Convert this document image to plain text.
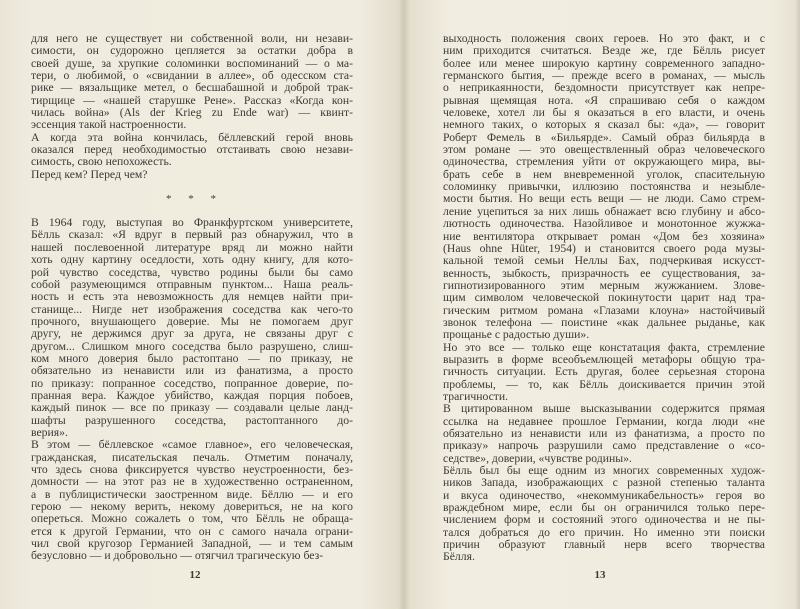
для него не существует ни собственной воли, ни незави-
симости, он судорожно цепляется за остатки добра в
своей душе, за хрупкие соломинки воспоминаний — о ма-
тери, о любимой, о «свидании в аллее», об одесском ста-
рике — вязальщике метел, о бесшабашной и доброй трак-
тирщице — «нашей старушке Рене». Рассказ «Когда кон-
чилась война» (Als der Krieg zu Ende war) — квинт-
эссенция такой настроенности.
А когда эта война кончилась, бёллевский герой вновь
оказался перед необходимостью отстаивать свою незави-
симость, свою непохожесть.
Перед кем? Перед чем?
* * *
В 1964 году, выступая во Франкфуртском университете,
Бёлль сказал: «Я вдруг в первый раз обнаружил, что в
нашей послевоенной литературе вряд ли можно найти
хоть одну картину оседлости, хоть одну книгу, для кото-
рой чувство соседства, чувство родины были бы само
собой разумеющимся отправным пунктом... Наша реаль-
ность и есть эта невозможность для немцев найти при-
станище... Нигде нет изображения соседства как чего-то
прочного, внушающего доверие. Мы не помогаем друг
другу, не держимся друг за друга, не связаны друг с
другом... Слишком много соседства было разрушено, слиш-
ком много доверия было растоптано — по приказу, не
обязательно из ненависти или из фанатизма, а просто
по приказу: попранное соседство, попранное доверие, по-
пранная вера. Каждое убийство, каждая порция побоев,
каждый пинок — все по приказу — создавали целые ланд-
шафты разрушенного соседства, растоптанного до-
верия».
В этом — бёллевское «самое главное», его человеческая,
гражданская, писательская печаль. Отметим поначалу,
что здесь снова фиксируется чувство неустроенности, без-
домности — на этот раз не в художественно остраненном,
а в публицистически заостренном виде. Бёллю — и его
герою — некому верить, некому довериться, не на кого
опереться. Можно сожалеть о том, что Бёлль не обраща-
ется к другой Германии, что он с самого начала ограни-
чил свой кругозор Германией Западной, — и тем самым
безусловно — и добровольно — отягчил трагическую без-
выходность положения своих героев. Но это факт, и с
ним приходится считаться. Везде же, где Бёлль рисует
более или менее широкую картину современного западно-
германского бытия, — прежде всего в романах, — мысль
о неприкаянности, бездомности присутствует как непре-
рывная щемящая нота. «Я спрашиваю себя о каждом
человеке, хотел ли бы я оказаться в его власти, и очень
немного таких, о которых я сказал бы: «да», — говорит
Роберт Фемель в «Бильярде». Самый образ бильярда в
этом романе — это овеществленный образ человеческого
одиночества, стремления уйти от окружающего мира, вы-
брать себе в нем вневременной уголок, спасительную
соломинку привычки, иллюзию постоянства и незыбле-
мости бытия. Но вещи есть вещи — не люди. Само стрем-
ление уцепиться за них лишь обнажает всю глубину и абсо-
лютность одиночества. Назойливое и монотонное жужжа-
ние вентилятора открывает роман «Дом без хозяина»
(Haus ohne Hüter, 1954) и становится своего рода музы-
кальной темой семьи Неллы Бах, подчеркивая искусст-
венность, зыбкость, призрачность ее существования, за-
гипнотизированного этим мерным жужжанием. Злове-
щим символом человеческой покинутости царит над тра-
гическим ритмом романа «Глазами клоуна» настойчивый
звонок телефона — поистине «как дальнее рыданье, как
прощанье с радостью души».
Но это все — только еще констатация факта, стремление
выразить в форме всеобъемлющей метафоры общую тра-
гичность ситуации. Есть другая, более серьезная сторона
проблемы, — то, как Бёлль доискивается причин этой
трагичности.
В цитированном выше высказывании содержится прямая
ссылка на недавнее прошлое Германии, когда люди «не
обязательно из ненависти или из фанатизма, а просто по
приказу» напрочь разрушили само представление о «со-
седстве», доверии, «чувстве родины».
Бёлль был бы еще одним из многих современных худож-
ников Запада, изображающих с разной степенью таланта
и вкуса одиночество, «некоммуникабельность» героя во
враждебном мире, если бы он ограничился только пере-
числением форм и состояний этого одиночества и не пы-
тался добраться до его причин. Но именно эти поиски
причин образуют главный нерв всего творчества
Бёлля.
12	13
